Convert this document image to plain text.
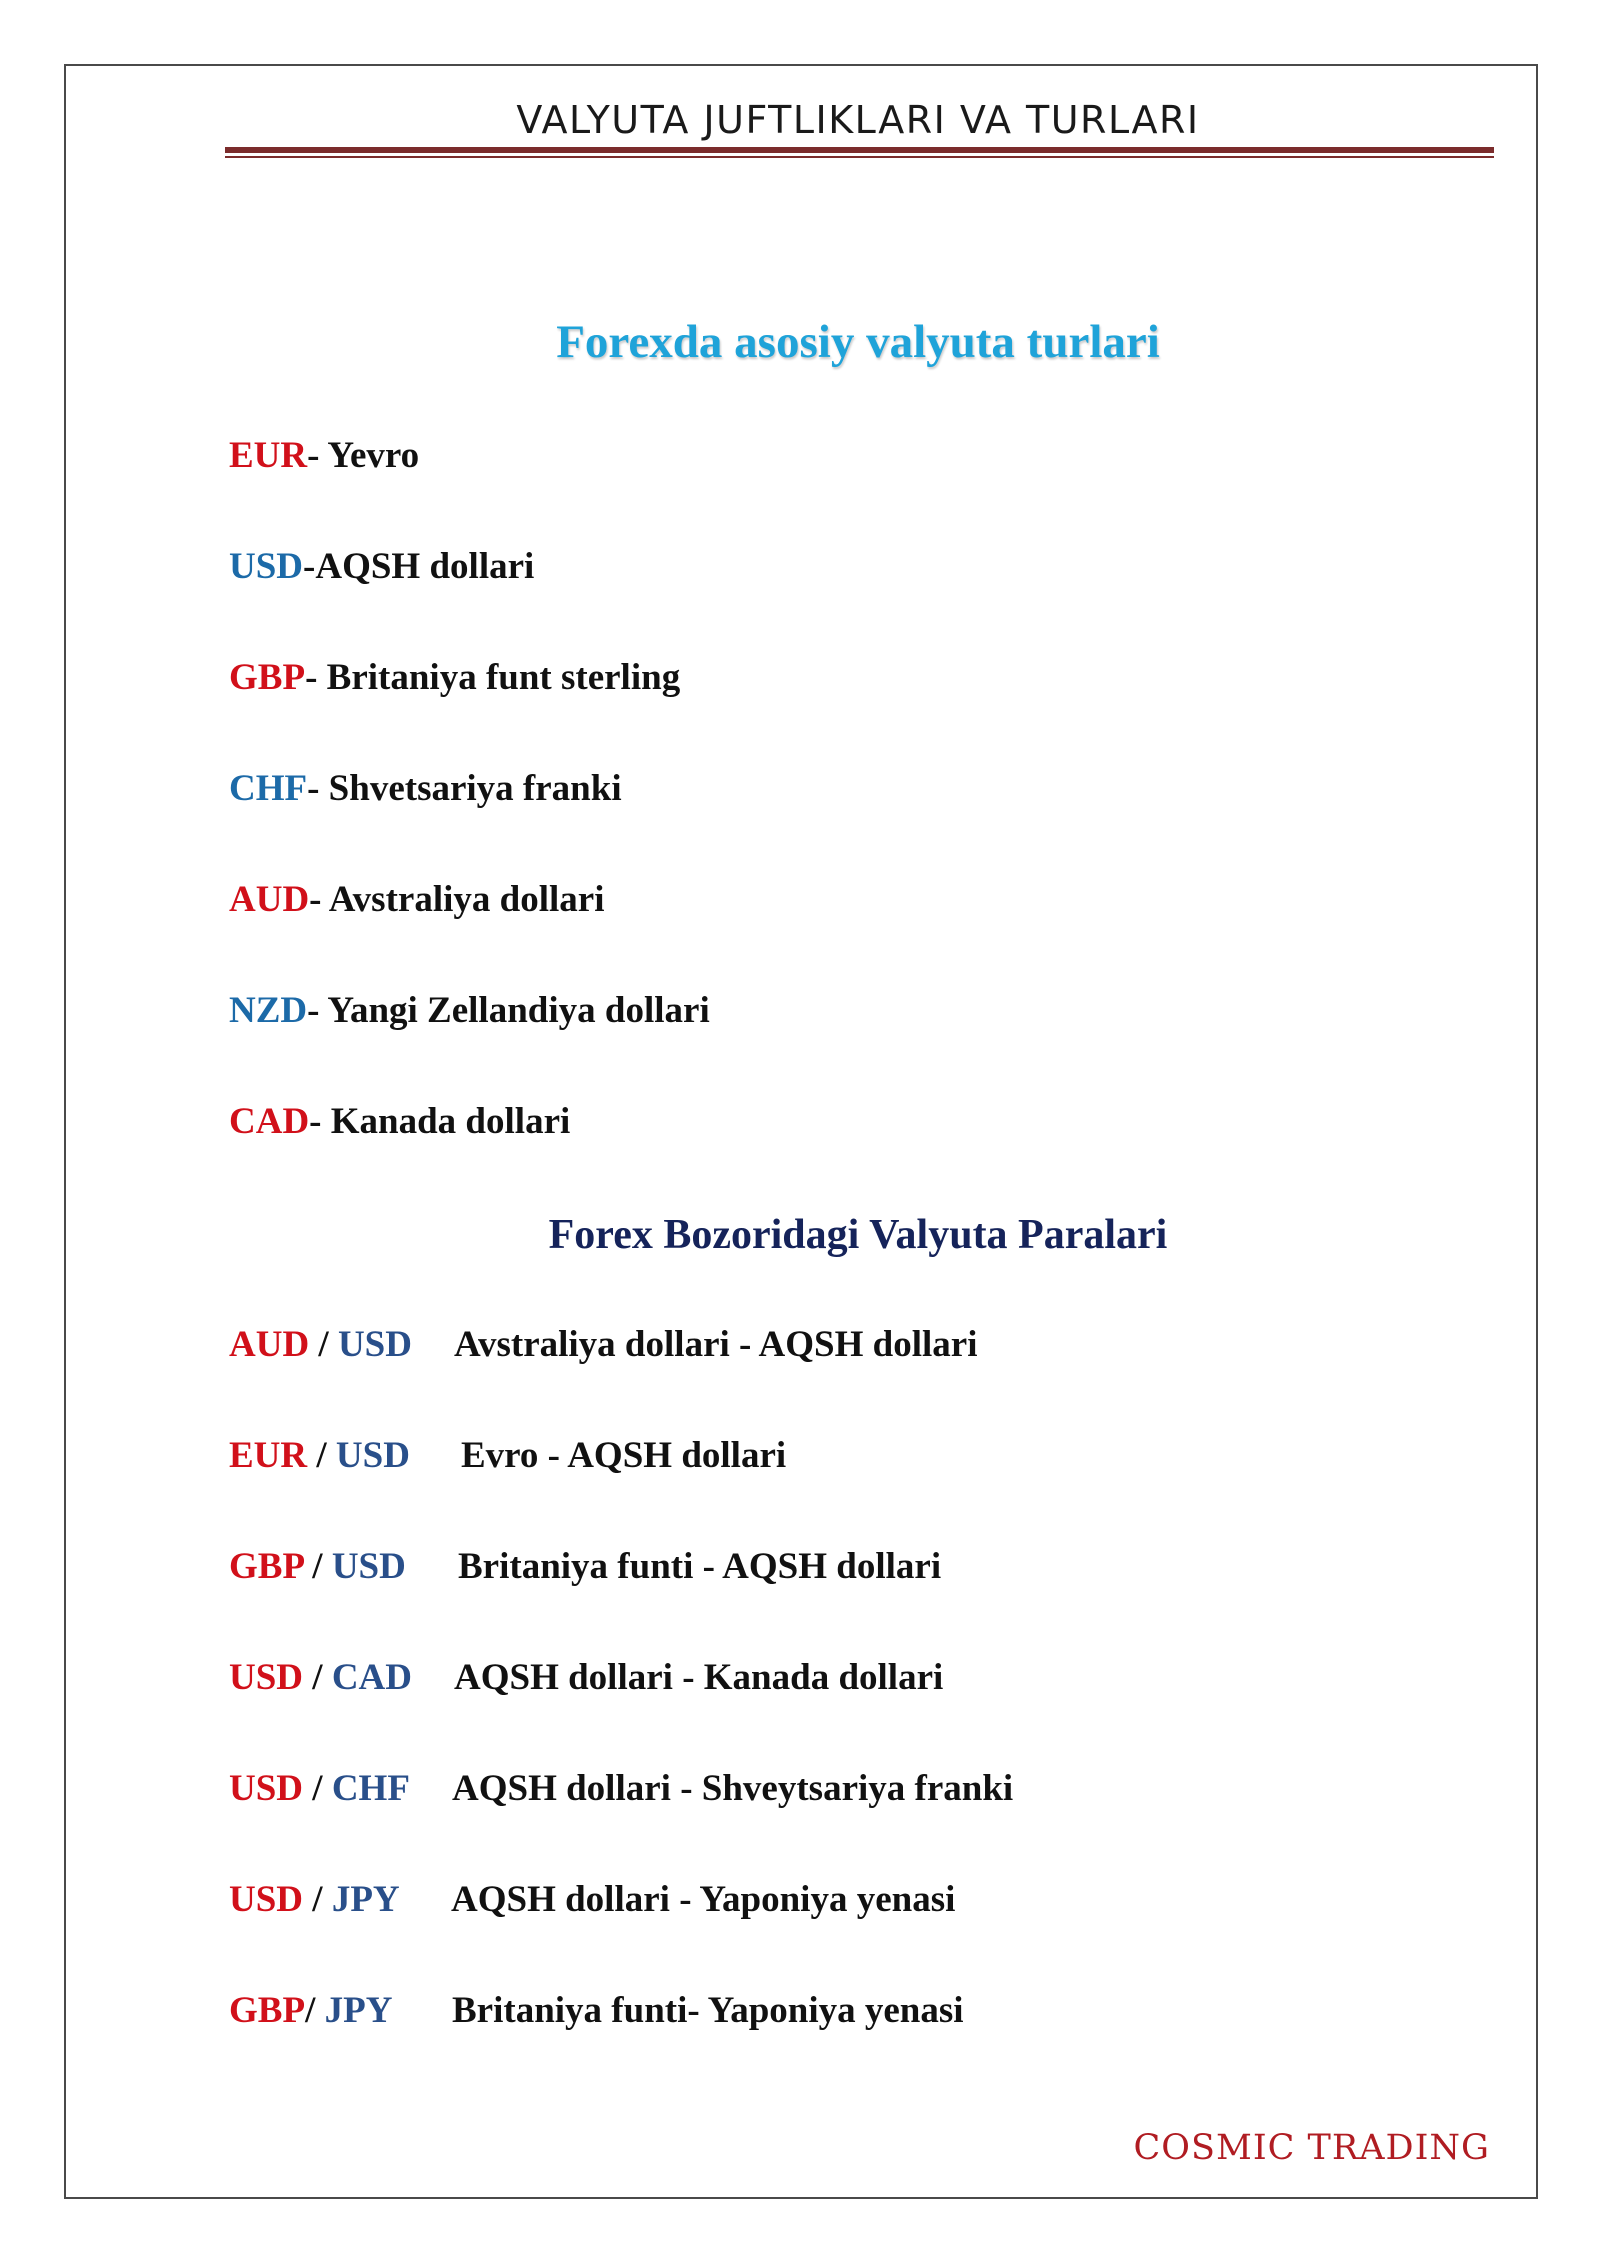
VALYUTA JUFTLIKLARI VA TURLARI
Forexda asosiy valyuta turlari
EUR- Yevro
USD-AQSH dollari
GBP- Britaniya funt sterling
CHF- Shvetsariya franki
AUD- Avstraliya dollari
NZD- Yangi Zellandiya dollari
CAD- Kanada dollari
Forex Bozoridagi Valyuta Paralari
AUD / USD Avstraliya dollari - AQSH dollari
EUR / USD Evro - AQSH dollari
GBP / USD Britaniya funti - AQSH dollari
USD / CAD AQSH dollari - Kanada dollari
USD / CHF AQSH dollari - Shveytsariya franki
USD / JPY AQSH dollari - Yaponiya yenasi
GBP/ JPY Britaniya funti- Yaponiya yenasi
COSMIC TRADING
